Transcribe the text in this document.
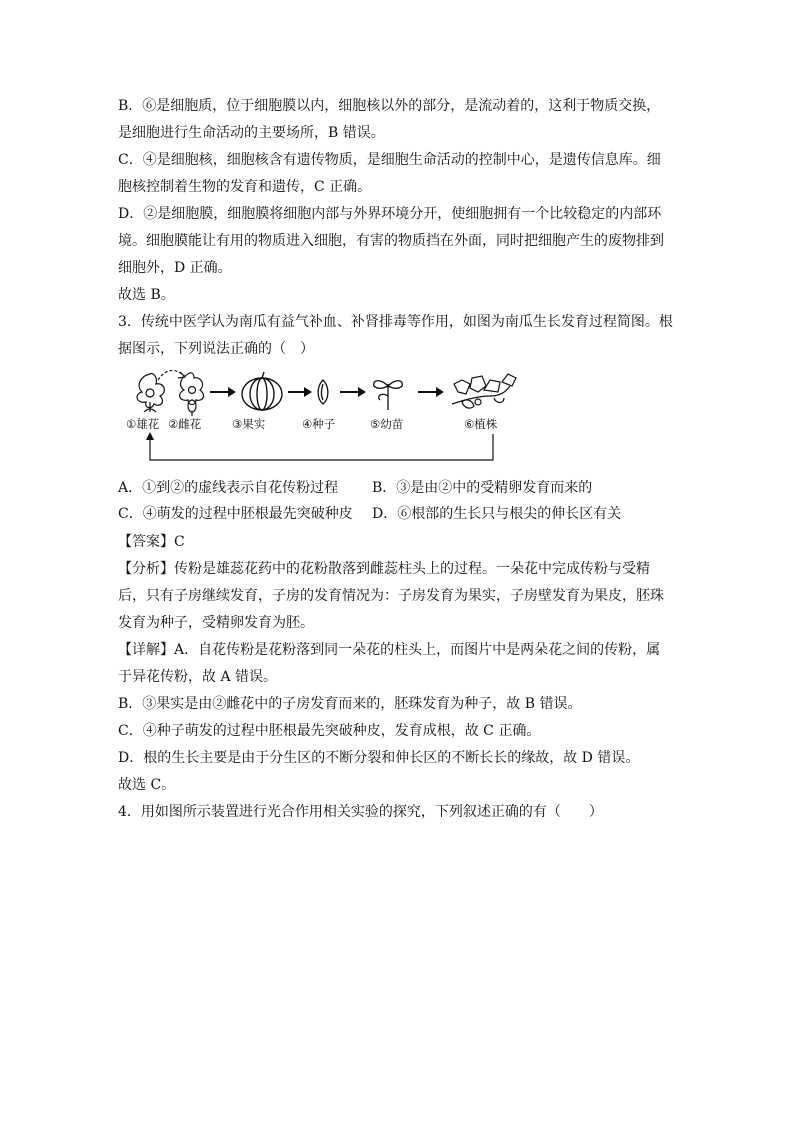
B．⑥是细胞质，位于细胞膜以内，细胞核以外的部分，是流动着的，这利于物质交换，
是细胞进行生命活动的主要场所，B 错误。
C．④是细胞核，细胞核含有遗传物质，是细胞生命活动的控制中心，是遗传信息库。细
胞核控制着生物的发育和遗传，C 正确。
D．②是细胞膜，细胞膜将细胞内部与外界环境分开，使细胞拥有一个比较稳定的内部环
境。细胞膜能让有用的物质进入细胞，有害的物质挡在外面，同时把细胞产生的废物排到
细胞外，D 正确。
故选 B。
3．传统中医学认为南瓜有益气补血、补肾排毒等作用，如图为南瓜生长发育过程简图。根
据图示，下列说法正确的（　）
①雄花 ②雌花	③果实	④种子	⑤幼苗	⑥植株
A．①到②的虚线表示自花传粉过程 B．③是由②中的受精卵发育而来的
C．④萌发的过程中胚根最先突破种皮 D．⑥根部的生长只与根尖的伸长区有关
【答案】C
【分析】传粉是雄蕊花药中的花粉散落到雌蕊柱头上的过程。一朵花中完成传粉与受精
后，只有子房继续发育，子房的发育情况为：子房发育为果实，子房壁发育为果皮，胚珠
发育为种子，受精卵发育为胚。
【详解】A．自花传粉是花粉落到同一朵花的柱头上，而图片中是两朵花之间的传粉，属
于异花传粉，故 A 错误。
B．③果实是由②雌花中的子房发育而来的，胚珠发育为种子，故 B 错误。
C．④种子萌发的过程中胚根最先突破种皮，发育成根，故 C 正确。
D．根的生长主要是由于分生区的不断分裂和伸长区的不断长长的缘故，故 D 错误。
故选 C。
4．用如图所示装置进行光合作用相关实验的探究，下列叙述正确的有（　　）
